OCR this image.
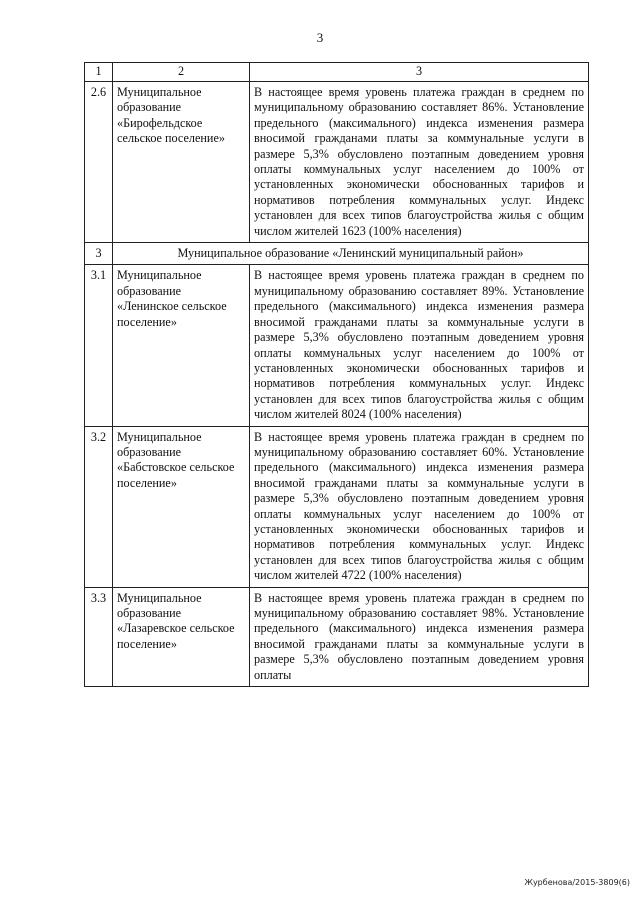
3
1	2	3
2.6	Муниципальное образование «Бирофельдское сельское поселение»	В настоящее время уровень платежа граждан в среднем по муниципальному образованию составляет 86%. Установление предельного (максимального) индекса изменения размера вносимой гражданами платы за коммунальные услуги в размере 5,3% обусловлено поэтапным доведением уровня оплаты коммунальных услуг населением до 100% от установленных экономически обоснованных тарифов и нормативов потребления коммунальных услуг. Индекс установлен для всех типов благоустройства жилья с общим числом жителей 1623 (100% населения)
3	Муниципальное образование «Ленинский муниципальный район»	
3.1	Муниципальное образование «Ленинское сельское поселение»	В настоящее время уровень платежа граждан в среднем по муниципальному образованию составляет 89%. Установление предельного (максимального) индекса изменения размера вносимой гражданами платы за коммунальные услуги в размере 5,3% обусловлено поэтапным доведением уровня оплаты коммунальных услуг населением до 100% от установленных экономически обоснованных тарифов и нормативов потребления коммунальных услуг. Индекс установлен для всех типов благоустройства жилья с общим числом жителей 8024 (100% населения)
3.2	Муниципальное образование «Бабстовское сельское поселение»	В настоящее время уровень платежа граждан в среднем по муниципальному образованию составляет 60%. Установление предельного (максимального) индекса изменения размера вносимой гражданами платы за коммунальные услуги в размере 5,3% обусловлено поэтапным доведением уровня оплаты коммунальных услуг населением до 100% от установленных экономически обоснованных тарифов и нормативов потребления коммунальных услуг. Индекс установлен для всех типов благоустройства жилья с общим числом жителей 4722 (100% населения)
3.3	Муниципальное образование «Лазаревское сельское поселение»	В настоящее время уровень платежа граждан в среднем по муниципальному образованию составляет 98%. Установление предельного (максимального) индекса изменения размера вносимой гражданами платы за коммунальные услуги в размере 5,3% обусловлено поэтапным доведением уровня оплаты
Журбенова/2015-3809(6)
